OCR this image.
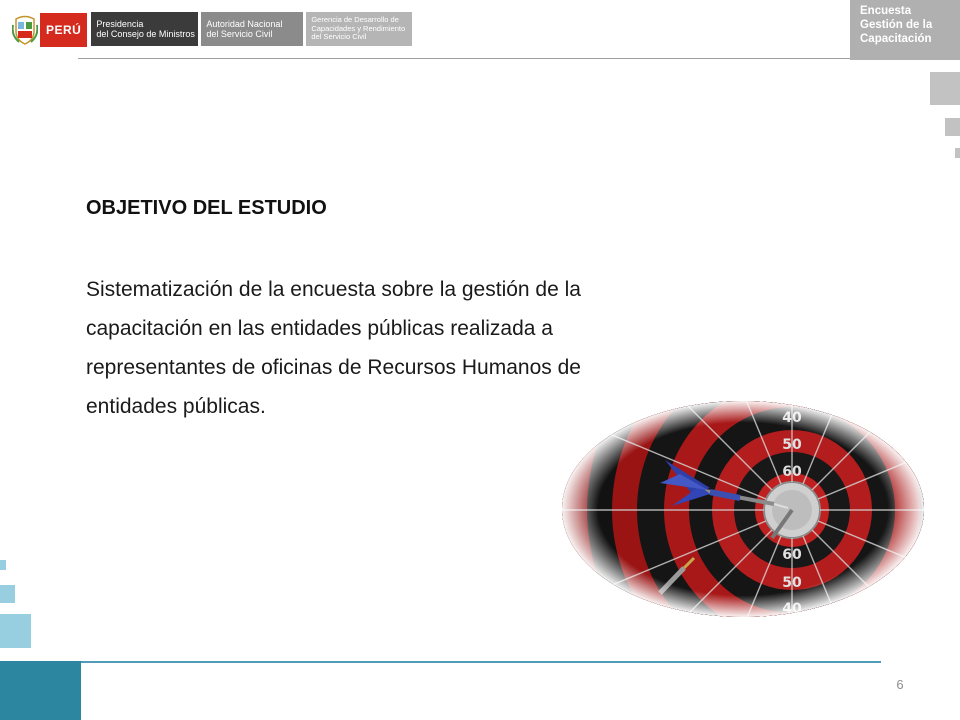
PERÚ	Presidencia
del Consejo de Ministros
Autoridad Nacional
del Servicio Civil
Gerencia de Desarrollo de
Capacidades y Rendimiento
del Servicio Civil
Encuesta
Gestión de la
Capacitación
OBJETIVO DEL ESTUDIO
Sistematización de la encuesta sobre la gestión de la
capacitación en las entidades públicas realizada a
representantes de oficinas de Recursos Humanos de
entidades públicas.
6
